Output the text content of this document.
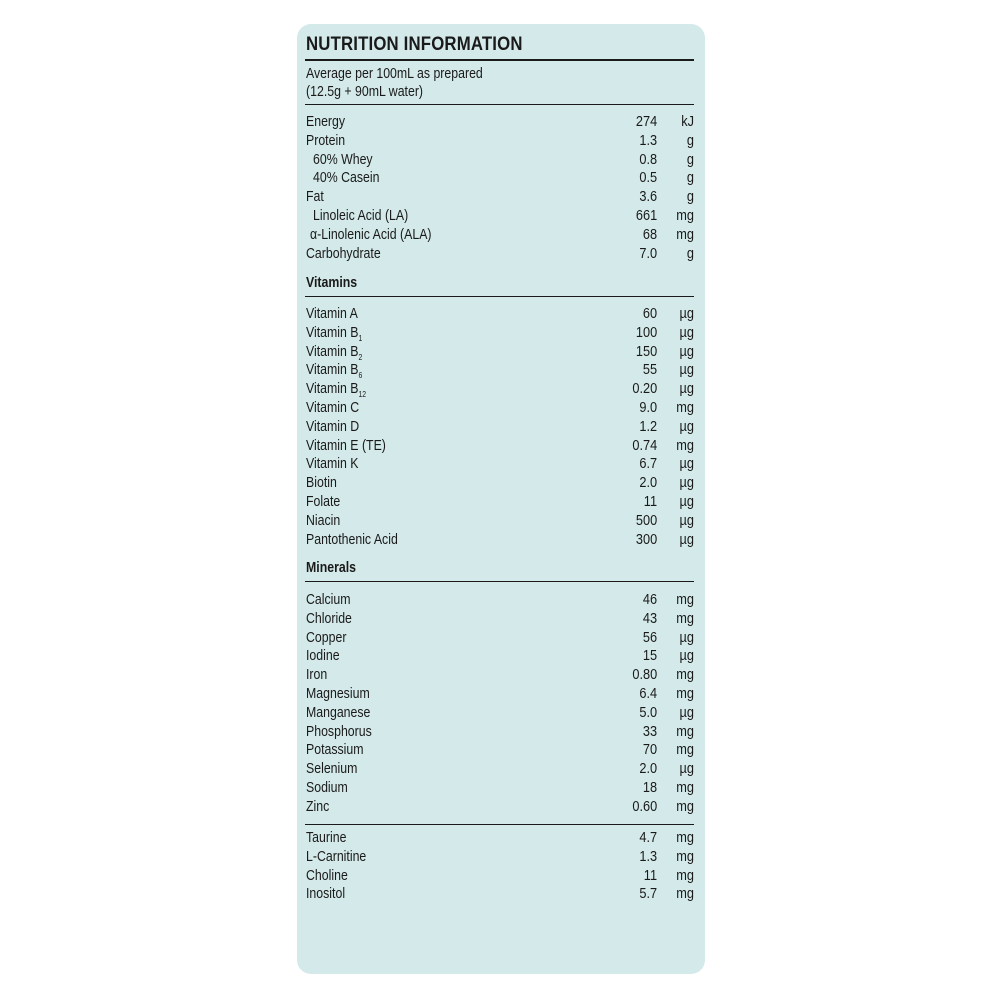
NUTRITION INFORMATION
Average per 100mL as prepared
(12.5g + 90mL water)
Energy	274	kJ
Protein	1.3	g
60% Whey	0.8	g
40% Casein	0.5	g
Fat	3.6	g
Linoleic Acid (LA)	661	mg
α-Linolenic Acid (ALA)	68	mg
Carbohydrate	7.0	g
Vitamins
Vitamin A	60	µg
Vitamin $B_1$	100	µg
Vitamin $B_2$	150	µg
Vitamin $B_6$	55	µg
Vitamin $B_{12}$	0.20	µg
Vitamin C	9.0	mg
Vitamin D	1.2	µg
Vitamin E (TE)	0.74	mg
Vitamin K	6.7	µg
Biotin	2.0	µg
Folate	11	µg
Niacin	500	µg
Pantothenic Acid	300	µg
Minerals
Calcium	46	mg
Chloride	43	mg
Copper	56	µg
Iodine	15	µg
Iron	0.80	mg
Magnesium	6.4	mg
Manganese	5.0	µg
Phosphorus	33	mg
Potassium	70	mg
Selenium	2.0	µg
Sodium	18	mg
Zinc	0.60	mg
Taurine	4.7	mg
L-Carnitine	1.3	mg
Choline	11	mg
Inositol	5.7	mg
